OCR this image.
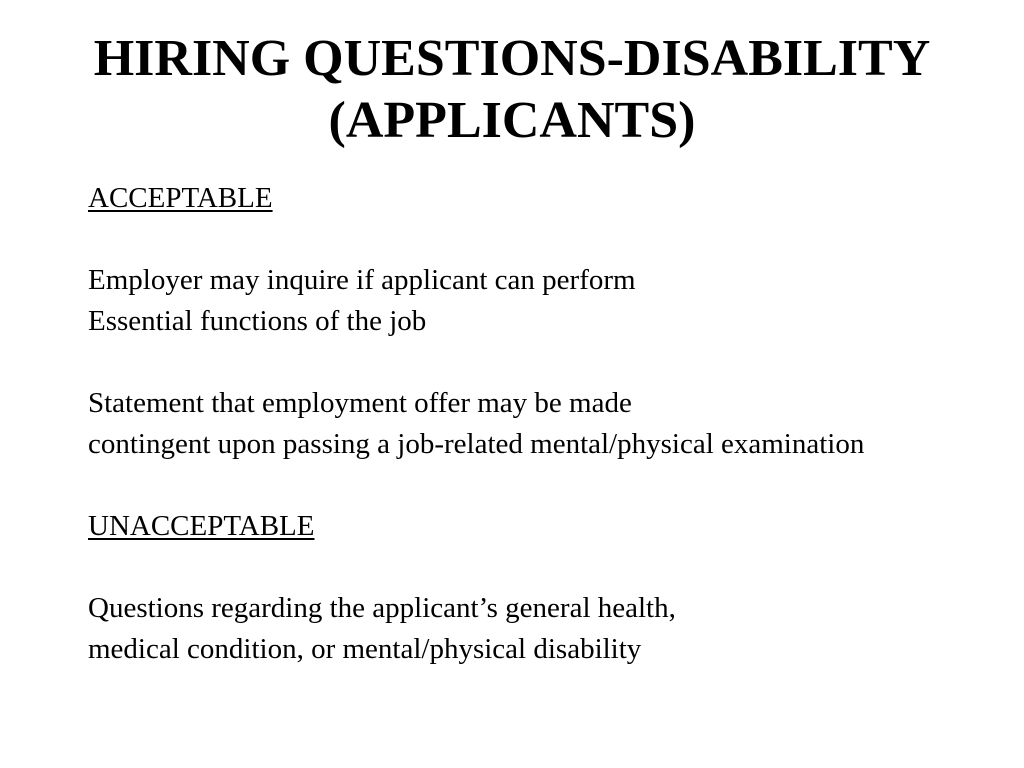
HIRING QUESTIONS-DISABILITY
(APPLICANTS)
ACCEPTABLE
Employer may inquire if applicant can perform
Essential functions of the job
Statement that employment offer may be made
contingent upon passing a job-related mental/physical examination
UNACCEPTABLE
Questions regarding the applicant’s general health,
medical condition, or mental/physical disability
